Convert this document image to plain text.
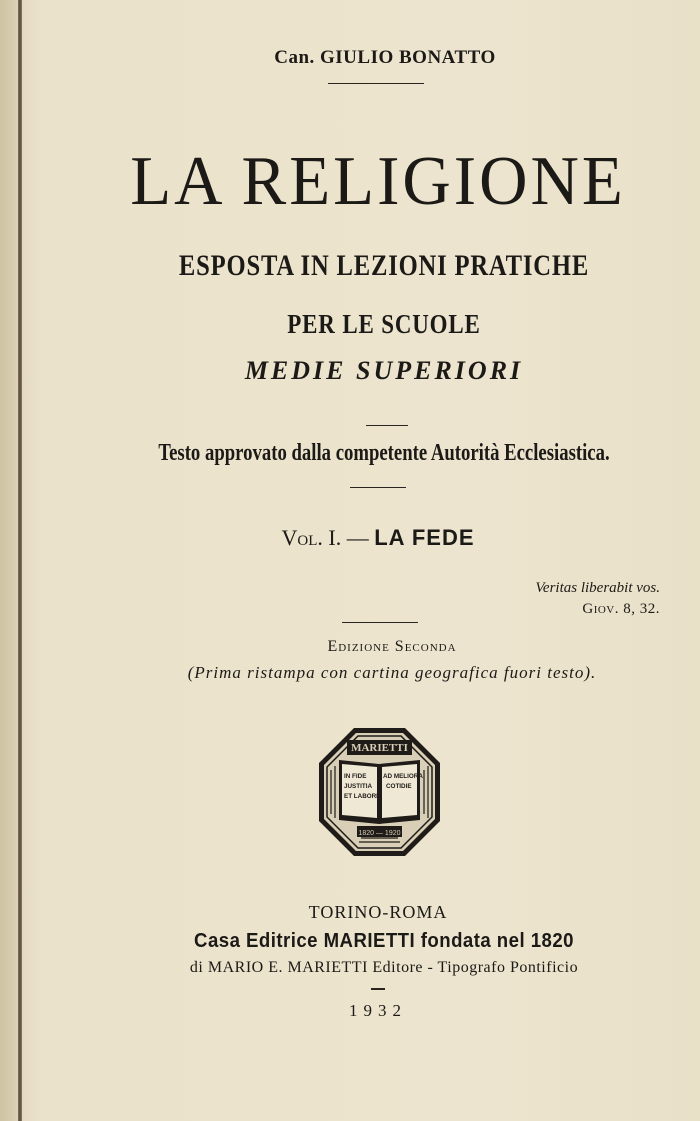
Can. GIULIO BONATTO
LA RELIGIONE
ESPOSTA IN LEZIONI PRATICHE
PER LE SCUOLE
MEDIE SUPERIORI
Testo approvato dalla competente Autorità Ecclesiastica.
Vol. I. — LA FEDE
Veritas liberabit vos.
Giov. 8, 32.
Edizione Seconda
(Prima ristampa con cartina geografica fuori testo).
MARIETTI
IN FIDE
JUSTITIA
ET LABORE
AD MELIORA
COTIDIE
1820 — 1920
TORINO-ROMA
Casa Editrice MARIETTI fondata nel 1820
di MARIO E. MARIETTI Editore - Tipografo Pontificio
1932
